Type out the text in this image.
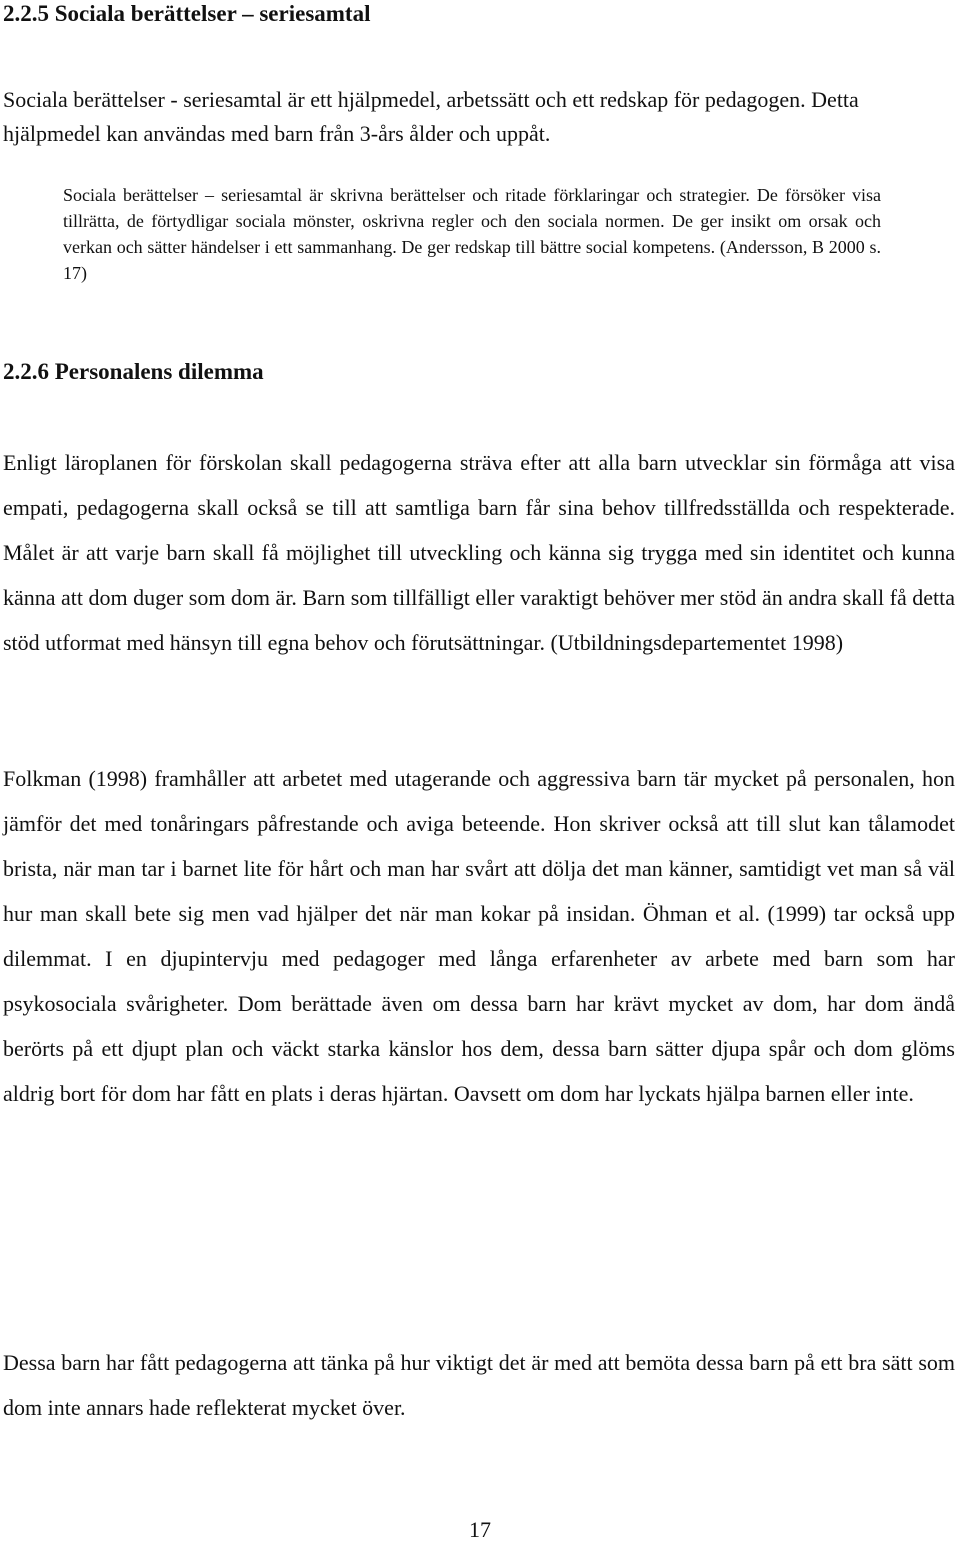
2.2.5 Sociala berättelser – seriesamtal

Sociala berättelser - seriesamtal är ett hjälpmedel, arbetssätt och ett redskap för pedagogen. Detta hjälpmedel kan användas med barn från 3-års ålder och uppåt.

Sociala berättelser – seriesamtal är skrivna berättelser och ritade förklaringar och strategier. De försöker visa tillrätta, de förtydligar sociala mönster, oskrivna regler och den sociala normen. De ger insikt om orsak och verkan och sätter händelser i ett sammanhang. De ger redskap till bättre social kompetens. (Andersson, B 2000 s. 17)

2.2.6 Personalens dilemma

Enligt läroplanen för förskolan skall pedagogerna sträva efter att alla barn utvecklar sin förmåga att visa empati, pedagogerna skall också se till att samtliga barn får sina behov tillfredsställda och respekterade. Målet är att varje barn skall få möjlighet till utveckling och känna sig trygga med sin identitet och kunna känna att dom duger som dom är. Barn som tillfälligt eller varaktigt behöver mer stöd än andra skall få detta stöd utformat med hänsyn till egna behov och förutsättningar. (Utbildningsdepartementet 1998)

Folkman (1998) framhåller att arbetet med utagerande och aggressiva barn tär mycket på personalen, hon jämför det med tonåringars påfrestande och aviga beteende. Hon skriver också att till slut kan tålamodet brista, när man tar i barnet lite för hårt och man har svårt att dölja det man känner, samtidigt vet man så väl hur man skall bete sig men vad hjälper det när man kokar på insidan. Öhman et al. (1999) tar också upp dilemmat. I en djupintervju med pedagoger med långa erfarenheter av arbete med barn som har psykosociala svårigheter. Dom berättade även om dessa barn har krävt mycket av dom, har dom ändå berörts på ett djupt plan och väckt starka känslor hos dem, dessa barn sätter djupa spår och dom glöms aldrig bort för dom har fått en plats i deras hjärtan. Oavsett om dom har lyckats hjälpa barnen eller inte.

Dessa barn har fått pedagogerna att tänka på hur viktigt det är med att bemöta dessa barn på ett bra sätt som dom inte annars hade reflekterat mycket över.

17
